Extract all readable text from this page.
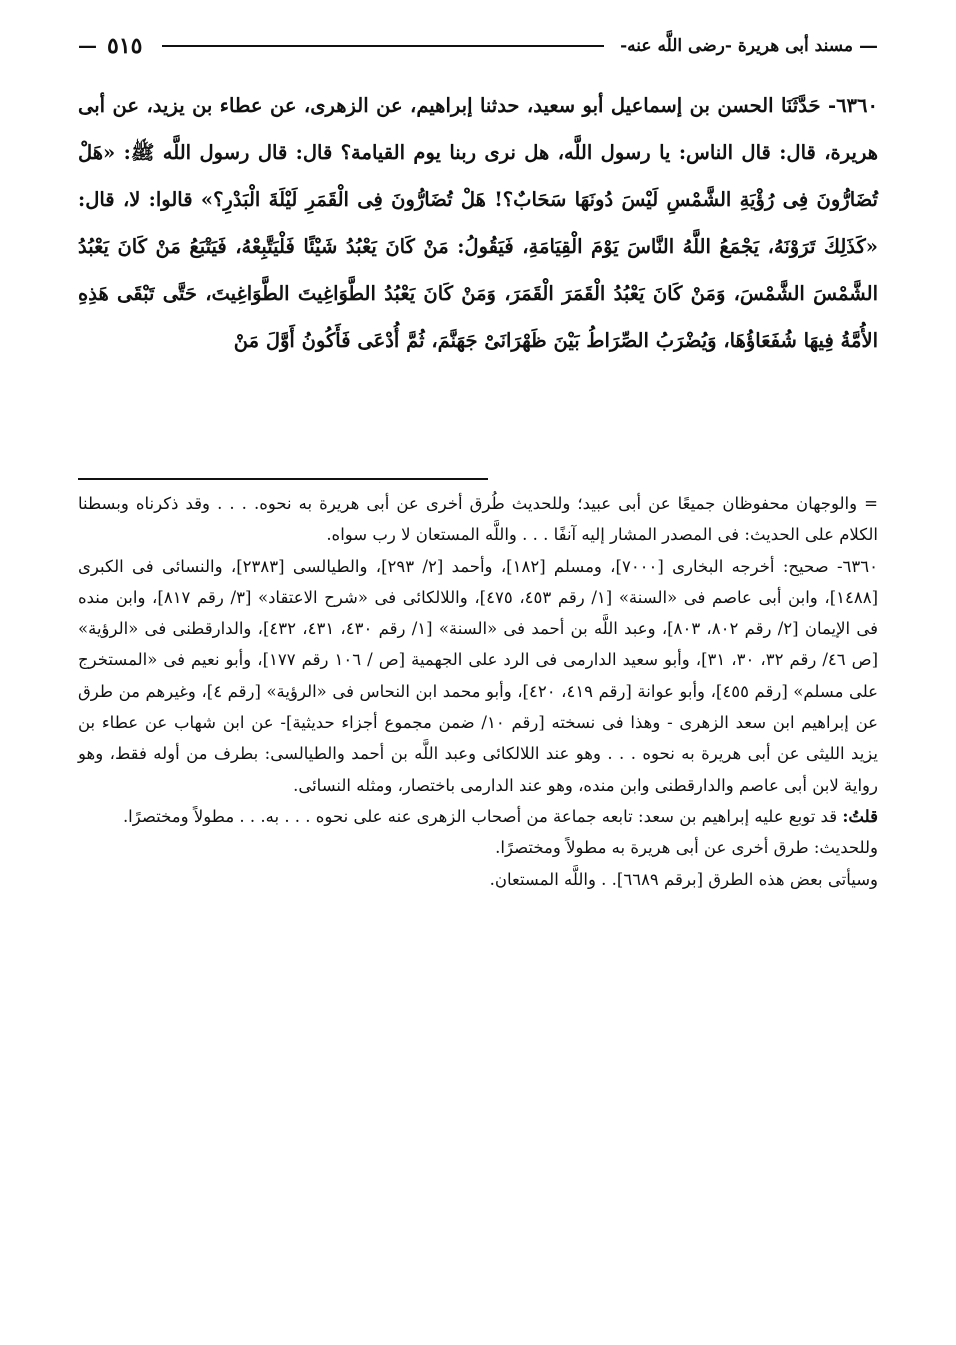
—
مسند أبى هريرة -رضى اللَّه عنه-
٥١٥
—
٦٣٦٠- حَدَّثَنَا الحسن بن إسماعيل أبو سعيد، حدثنا إبراهيم، عن الزهرى، عن عطاء بن يزيد، عن أبى هريرة، قال: قال الناس: يا رسول اللَّه، هل نرى ربنا يوم القيامة؟ قال: قال رسول اللَّه ﷺ: «هَلْ تُضَارُّونَ فِى رُؤْيَةِ الشَّمْسِ لَيْسَ دُونَهَا سَحَابٌ؟! هَلْ تُضَارُّونَ فِى الْقَمَرِ لَيْلَةَ الْبَدْرِ؟» قالوا: لا، قال: «كَذَلِكَ تَرَوْنَهُ، يَجْمَعُ اللَّهُ النَّاسَ يَوْمَ الْقِيَامَةِ، فَيَقُولُ: مَنْ كَانَ يَعْبُدُ شَيْئًا فَلْيَتَّبِعْهُ، فَيَتْبَعُ مَنْ كَانَ يَعْبُدُ الشَّمْسَ الشَّمْسَ، وَمَنْ كَانَ يَعْبُدُ الْقَمَرَ الْقَمَرَ، وَمَنْ كَانَ يَعْبُدُ الطَّوَاغِيتَ الطَّوَاغِيتَ، حَتَّى تَبْقَى هَذِهِ الأُمَّةُ فِيهَا شُفَعَاؤُهَا، وَيُضْرَبُ الصِّرَاطُ بَيْنَ ظَهْرَانَىْ جَهَنَّمَ، ثُمَّ أُدْعَى فَأَكُونُ أَوَّلَ مَنْ

= والوجهان محفوظان جميعًا عن أبى عبيد؛ وللحديث طُرق أخرى عن أبى هريرة به نحوه. . . . وقد ذكرناه وبسطنا الكلام على الحديث: فى المصدر المشار إليه آنفًا . . . واللَّه المستعان لا رب سواه.

٦٣٦٠- صحيح: أخرجه البخارى [٧٠٠٠]، ومسلم [١٨٢]، وأحمد [٢/ ٢٩٣]، والطيالسى [٢٣٨٣]، والنسائى فى الكبرى [١٤٨٨]، وابن أبى عاصم فى «السنة» [١/ رقم ٤٥٣، ٤٧٥]، واللالكائى فى «شرح الاعتقاد» [٣/ رقم ٨١٧]، وابن منده فى الإيمان [٢/ رقم ٨٠٢، ٨٠٣]، وعبد اللَّه بن أحمد فى «السنة» [١/ رقم ٤٣٠، ٤٣١، ٤٣٢]، والدارقطنى فى «الرؤية» [ص ٤٦/ رقم ٣٢، ٣٠، ٣١]، وأبو سعيد الدارمى فى الرد على الجهمية [ص / ١٠٦ رقم ١٧٧]، وأبو نعيم فى «المستخرج على مسلم» [رقم ٤٥٥]، وأبو عوانة [رقم ٤١٩، ٤٢٠]، وأبو محمد ابن النحاس فى «الرؤية» [رقم ٤]، وغيرهم من طرق عن إبراهيم ابن سعد الزهرى - وهذا فى نسخته [رقم ١٠/ ضمن مجموع أجزاء حديثية]- عن ابن شهاب عن عطاء بن يزيد الليثى عن أبى هريرة به نحوه . . . وهو عند اللالكائى وعبد اللَّه بن أحمد والطيالسى: بطرف من أوله فقط، وهو رواية لابن أبى عاصم والدارقطنى وابن منده، وهو عند الدارمى باختصار، ومثله النسائى.

قلتُ: قد توبع عليه إبراهيم بن سعد: تابعه جماعة من أصحاب الزهرى عنه على نحوه . . . به. . . مطولاً ومختصرًا.

وللحديث: طرق أخرى عن أبى هريرة به مطولاً ومختصرًا.

وسيأتى بعض هذه الطرق [برقم ٦٦٨٩]. . واللَّه المستعان.
